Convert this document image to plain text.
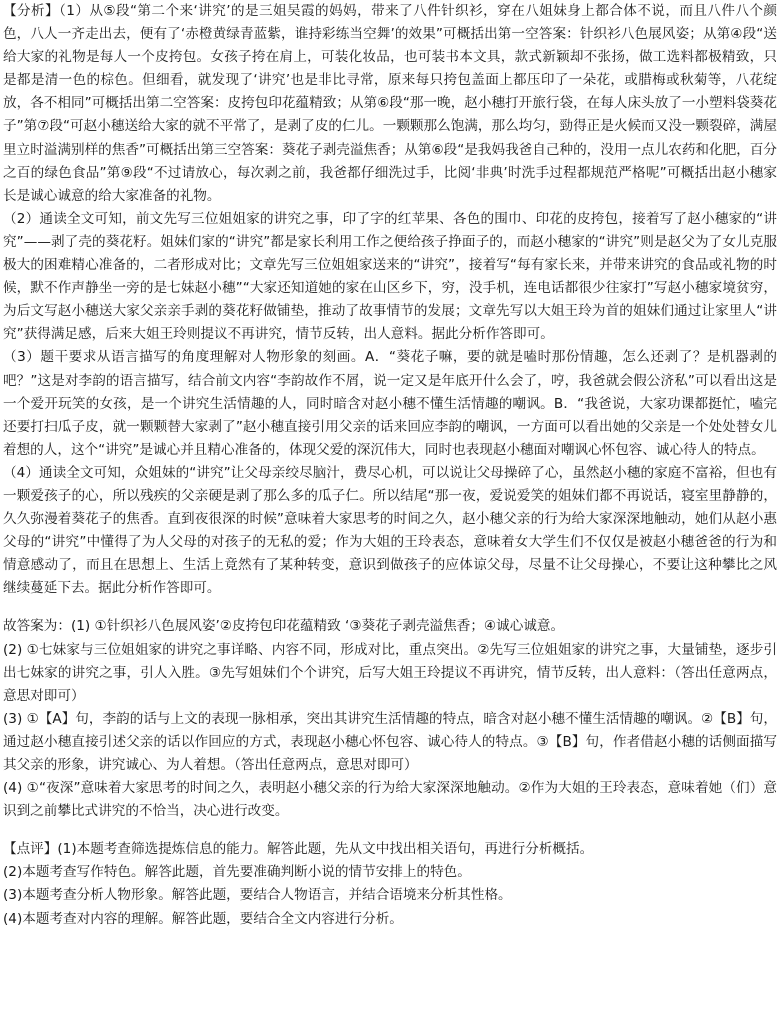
【分析】（1）从⑤段“第二个来‘讲究’的是三姐吴霞的妈妈，带来了八件针织衫，穿在八姐妹身上都合体不说，而且八件八个颜色，八人一齐走出去，便有了‘赤橙黄绿青蓝紫，谁持彩练当空舞’的效果”可概括出第一空答案：针织衫八色展风姿；从第④段“送给大家的礼物是每人一个皮挎包。女孩子挎在肩上，可装化妆品，也可装书本文具，款式新颖却不张扬，做工选料都极精致，只是都是清一色的棕色。但细看，就发现了‘讲究’也是非比寻常，原来每只挎包盖面上都压印了一朵花，或腊梅或秋菊等，八花绽放，各不相同”可概括出第二空答案：皮挎包印花蕴精致；从第⑥段“那一晚，赵小穗打开旅行袋，在每人床头放了一小塑料袋葵花子”第⑦段“可赵小穗送给大家的就不平常了，是剥了皮的仁儿。一颗颗那么饱满，那么均匀，勁得正是火候而又没一颗裂碎，满屋里立时溢满别样的焦香”可概括出第三空答案：葵花子剥壳溢焦香；从第⑥段“是我妈我爸自己种的，没用一点儿农药和化肥，百分之百的绿色食品”第⑨段“不过请放心，每次剥之前，我爸都仔细洗过手，比阅‘非典’时洗手过程都规范严格呢”可概括出赵小穗家长是诚心诚意的给大家准备的礼物。

（2）通读全文可知，前文先写三位姐姐家的讲究之事，印了字的红苹果、各色的围巾、印花的皮挎包，接着写了赵小穗家的“讲究”——剥了壳的葵花籽。姐妹们家的“讲究”都是家长利用工作之便给孩子挣面子的，而赵小穗家的“讲究”则是赵父为了女儿克服极大的困难精心准备的，二者形成对比；文章先写三位姐姐家送来的“讲究”，接着写“每有家长来，并带来讲究的食品或礼物的时候，默不作声静坐一旁的是七妹赵小穗”“大家还知道她的家在山区乡下，穷，没手机，连电话都很少往家打”写赵小穗家境贫穷，为后文写赵小穗送大家父亲亲手剥的葵花籽做铺垫，推动了故事情节的发展；文章先写以大姐王玲为首的姐妹们通过让家里人“讲究”获得满足感，后来大姐王玲则提议不再讲究，情节反转，出人意料。据此分析作答即可。

（3）题干要求从语言描写的角度理解对人物形象的刻画。A．“葵花子嘛，要的就是嗑时那份情趣，怎么还剥了？是机器剥的吧？”这是对李韵的语言描写，结合前文内容“李韵故作不屑，说一定又是年底开什么会了，哼，我爸就会假公济私”可以看出这是一个爱开玩笑的女孩，是一个讲究生活情趣的人，同时暗含对赵小穗不懂生活情趣的嘲讽。B．“我爸说，大家功课都挺忙，嗑完还要打扫瓜子皮，就一颗颗替大家剥了”赵小穗直接引用父亲的话来回应李韵的嘲讽，一方面可以看出她的父亲是一个处处替女儿着想的人，这个“讲究”是诚心并且精心准备的，体现父爱的深沉伟大，同时也表现赵小穗面对嘲讽心怀包容、诚心待人的特点。

（4）通读全文可知，众姐妹的“讲究”让父母亲绞尽脑汁，费尽心机，可以说让父母操碎了心，虽然赵小穗的家庭不富裕，但也有一颗爱孩子的心，所以残疾的父亲硬是剥了那么多的瓜子仁。所以结尾“那一夜，爱说爱笑的姐妹们都不再说话，寝室里静静的，久久弥漫着葵花子的焦香。直到夜很深的时候”意味着大家思考的时间之久，赵小穗父亲的行为给大家深深地触动，她们从赵小惠父母的“讲究”中懂得了为人父母的对孩子的无私的爱；作为大姐的王玲表态，意味着女大学生们不仅仅是被赵小穗爸爸的行为和情意感动了，而且在思想上、生活上竟然有了某种转变，意识到做孩子的应体谅父母，尽量不让父母操心，不要让这种攀比之风继续蔓延下去。据此分析作答即可。

故答案为：(1) ①针织衫八色展风姿’②皮挎包印花蕴精致 ‘③葵花子剥壳溢焦香；④诚心诚意。

(2) ①七妹家与三位姐姐家的讲究之事详略、内容不同，形成对比，重点突出。②先写三位姐姐家的讲究之事，大量铺垫，逐步引出七妹家的讲究之事，引人入胜。③先写姐妹们个个讲究，后写大姐王玲提议不再讲究，情节反转，出人意料：（答出任意两点，意思对即可）

(3) ①【A】句，李韵的话与上文的表现一脉相承，突出其讲究生活情趣的特点，暗含对赵小穗不懂生活情趣的嘲讽。②【B】句，通过赵小穗直接引述父亲的话以作回应的方式，表现赵小穗心怀包容、诚心待人的特点。③【B】句，作者借赵小穗的话侧面描写其父亲的形象，讲究诚心、为人着想。（答出任意两点，意思对即可）

(4) ①“夜深”意味着大家思考的时间之久，表明赵小穗父亲的行为给大家深深地触动。②作为大姐的王玲表态，意味着她（们）意识到之前攀比式讲究的不恰当，决心进行改变。

【点评】(1)本题考查筛选提炼信息的能力。解答此题，先从文中找出相关语句，再进行分析概括。

(2)本题考查写作特色。解答此题，首先要准确判断小说的情节安排上的特色。

(3)本题考查分析人物形象。解答此题，要结合人物语言，并结合语境来分析其性格。

(4)本题考查对内容的理解。解答此题，要结合全文内容进行分析。
